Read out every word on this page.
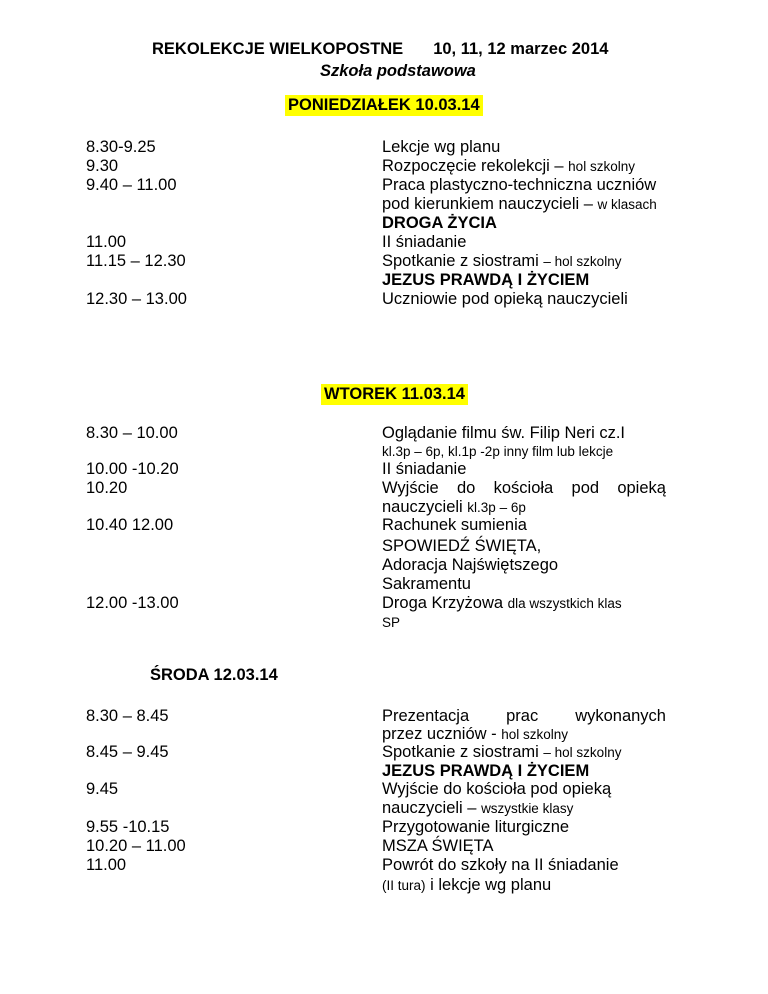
REKOLEKCJE WIELKOPOSTNE 10, 11, 12 marzec 2014
Szkoła podstawowa
PONIEDZIAŁEK 10.03.14
8.30-9.25
9.30
9.40 – 11.00
11.00
11.15 – 12.30
12.30 – 13.00
Lekcje wg planu
Rozpoczęcie rekolekcji – hol szkolny
Praca plastyczno-techniczna uczniów
pod kierunkiem nauczycieli – w klasach
DROGA ŻYCIA
II śniadanie
Spotkanie z siostrami – hol szkolny
JEZUS PRAWDĄ I ŻYCIEM
Uczniowie pod opieką nauczycieli
WTOREK 11.03.14
8.30 – 10.00
10.00 -10.20
10.20
10.40 12.00
12.00 -13.00
Oglądanie filmu św. Filip Neri cz.I
kl.3p – 6p, kl.1p -2p inny film lub lekcje
II śniadanie
Wyjście do kościoła pod opieką
nauczycieli kl.3p – 6p
Rachunek sumienia
SPOWIEDŹ ŚWIĘTA,
Adoracja Najświętszego
Sakramentu
Droga Krzyżowa dla wszystkich klas
SP
ŚRODA 12.03.14
8.30 – 8.45
8.45 – 9.45
9.45
9.55 -10.15
10.20 – 11.00
11.00
Prezentacja prac wykonanych
przez uczniów - hol szkolny
Spotkanie z siostrami – hol szkolny
JEZUS PRAWDĄ I ŻYCIEM
Wyjście do kościoła pod opieką
nauczycieli – wszystkie klasy
Przygotowanie liturgiczne
MSZA ŚWIĘTA
Powrót do szkoły na II śniadanie
(II tura) i lekcje wg planu
